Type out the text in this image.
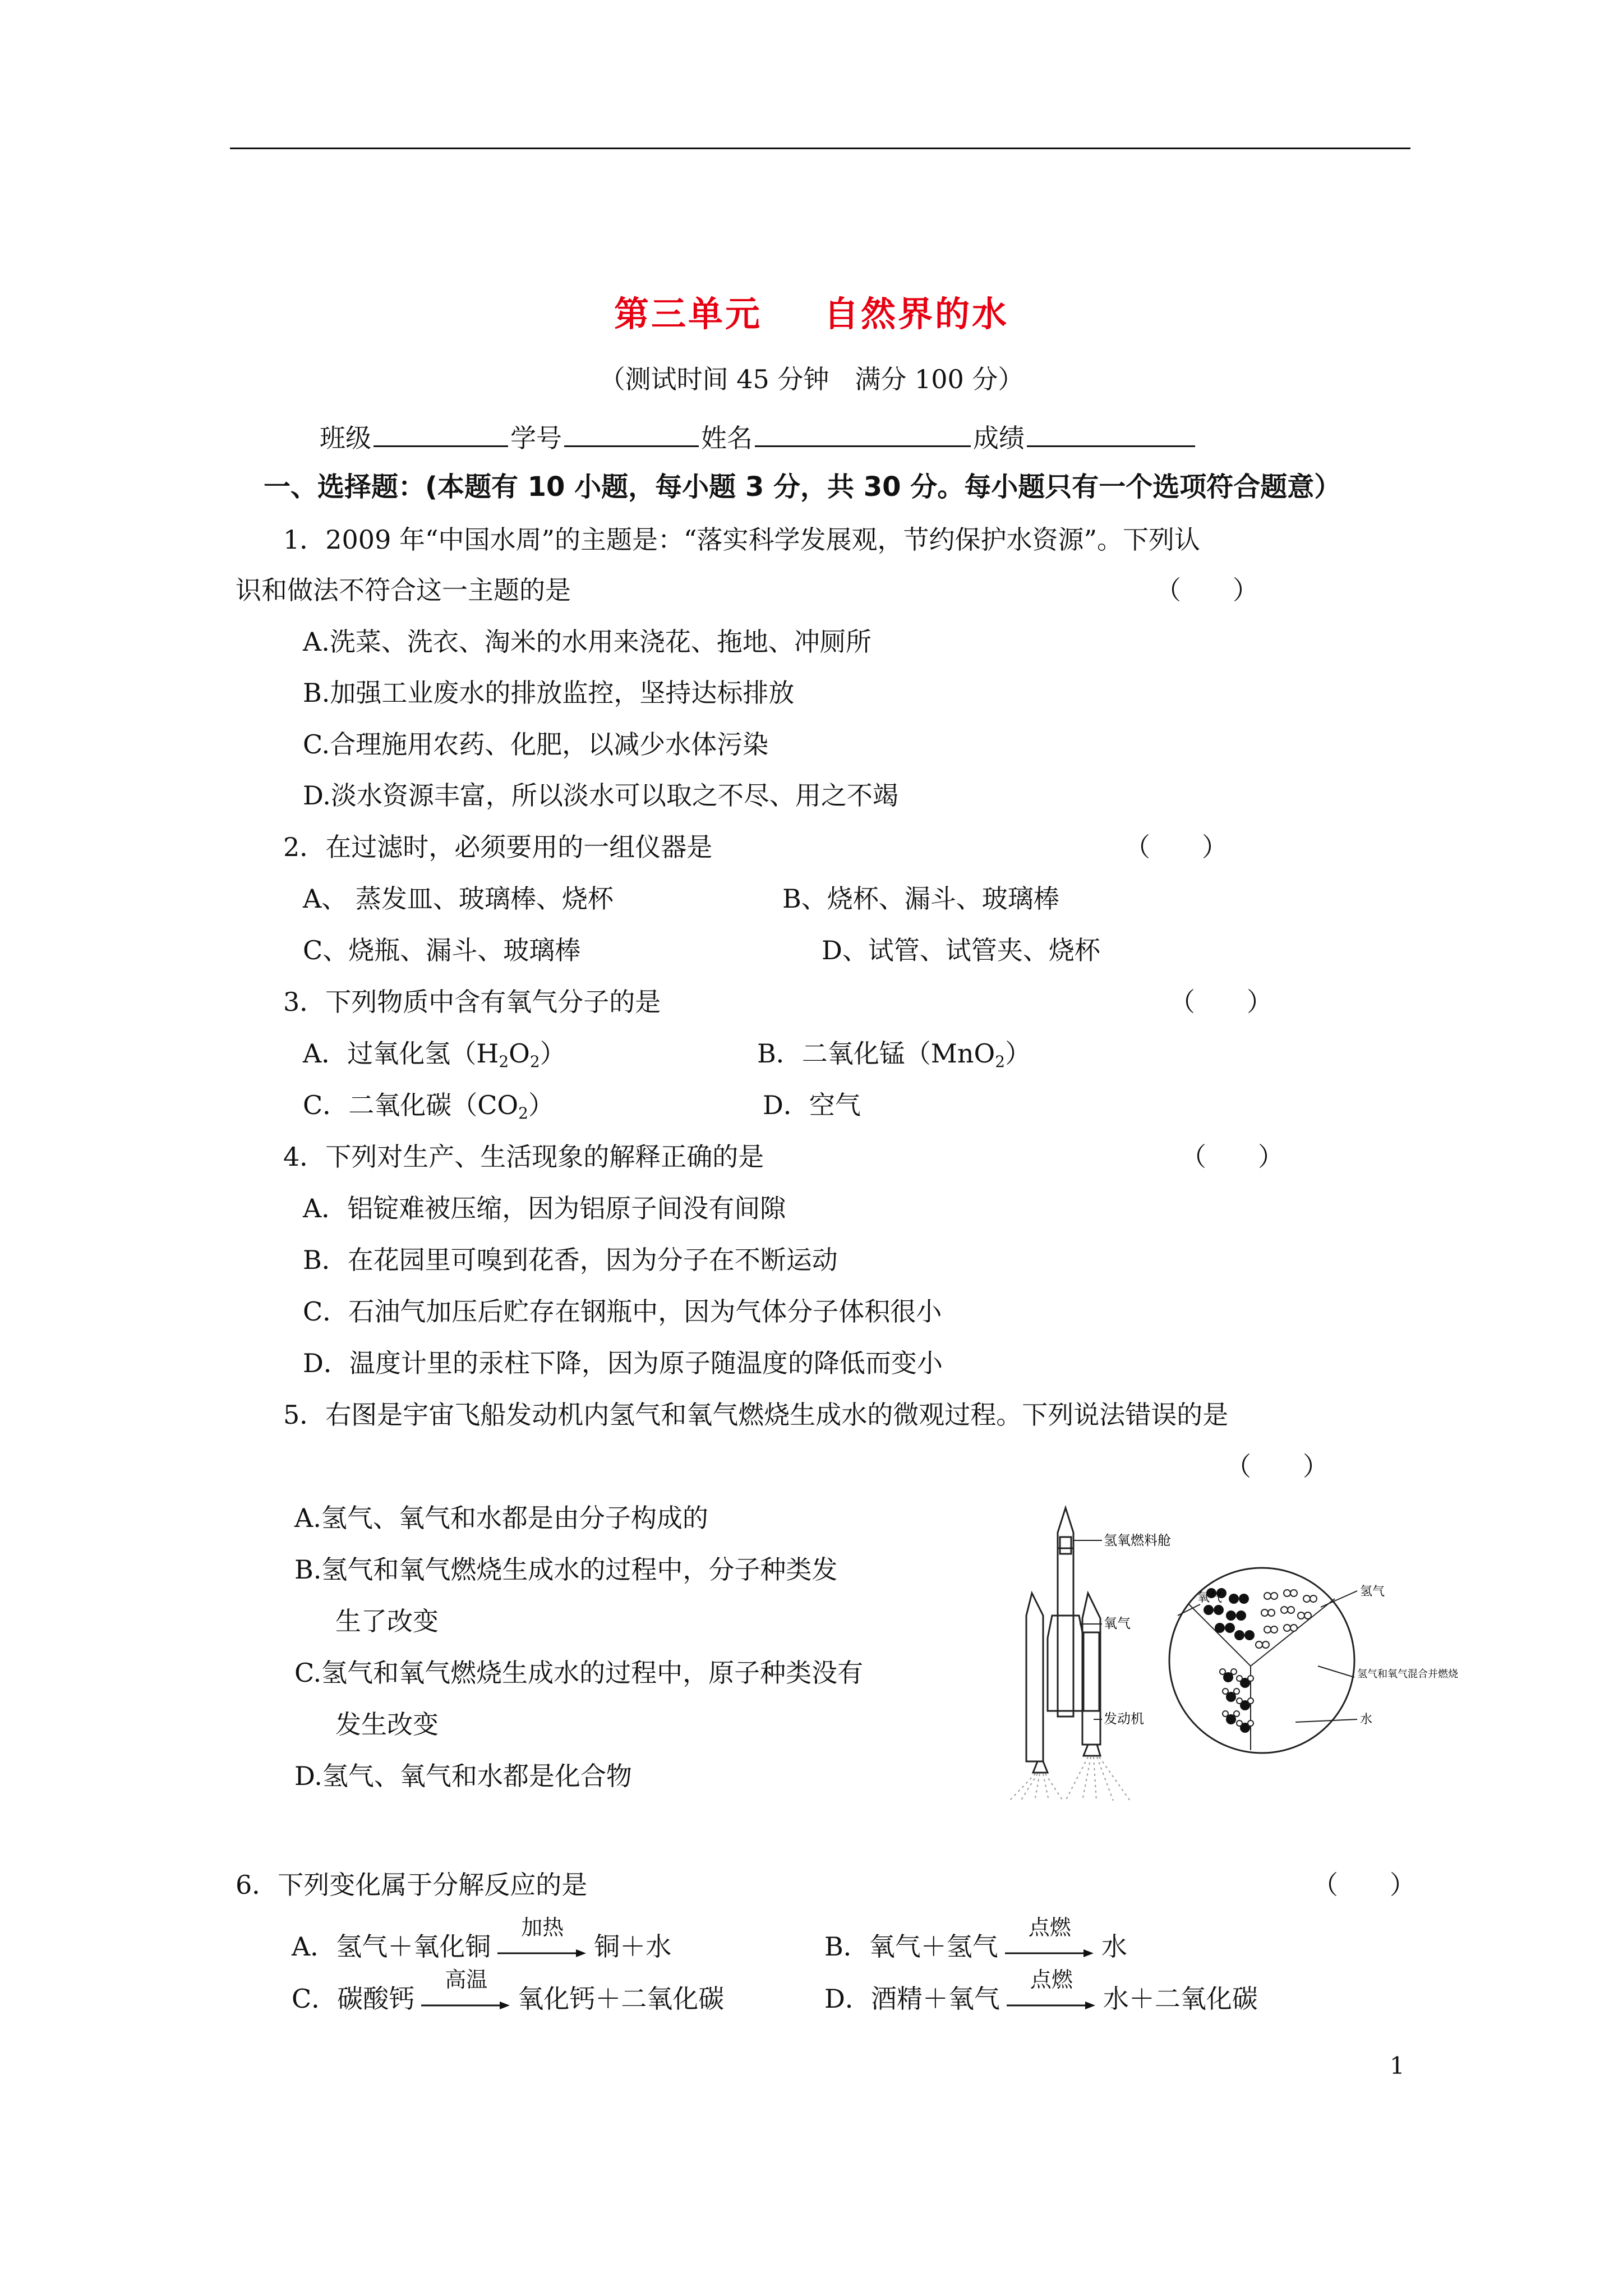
第三单元 自然界的水
（测试时间 45 分钟　满分 100 分）
班级	学号	姓名	成绩
一、选择题：(本题有 10 小题，每小题 3 分，共 30 分。每小题只有一个选项符合题意）
1．2009 年“中国水周”的主题是：“落实科学发展观，节约保护水资源”。下列认
识和做法不符合这一主题的是	（　　）
A.洗菜、洗衣、淘米的水用来浇花、拖地、冲厕所
B.加强工业废水的排放监控，坚持达标排放
C.合理施用农药、化肥，以减少水体污染
D.淡水资源丰富，所以淡水可以取之不尽、用之不竭
2．在过滤时，必须要用的一组仪器是	（　　）
A、 蒸发皿、玻璃棒、烧杯	B、烧杯、漏斗、玻璃棒
C、烧瓶、漏斗、玻璃棒	D、试管、试管夹、烧杯
3．下列物质中含有氧气分子的是	（　　）
A．过氧化氢$(H_2O_2)$	B．二氧化锰（MnO$_2$）
C．二氧化碳$(CO_2)$	D．空气
4．下列对生产、生活现象的解释正确的是	（　　）
A．铝锭难被压缩，因为铝原子间没有间隙
B．在花园里可嗅到花香，因为分子在不断运动
C．石油气加压后贮存在钢瓶中，因为气体分子体积很小
D．温度计里的汞柱下降，因为原子随温度的降低而变小
5．右图是宇宙飞船发动机内氢气和氧气燃烧生成水的微观过程。下列说法错误的是
（　　）
A.氢气、氧气和水都是由分子构成的
B.氢气和氧气燃烧生成水的过程中，分子种类发
生了改变
C.氢气和氧气燃烧生成水的过程中，原子种类没有
发生改变
D.氢气、氧气和水都是化合物
氢氧燃料舱
氧气
发动机
氢气
氧气
氢气和氧气混合并燃烧
水
6．下列变化属于分解反应的是	（　　）
A．氢气＋氧化铜
加热
铜＋水	B．氧气＋氢气
点燃
水
C．碳酸钙
高温
氧化钙＋二氧化碳	D．酒精＋氧气
点燃
水＋二氧化碳
1
